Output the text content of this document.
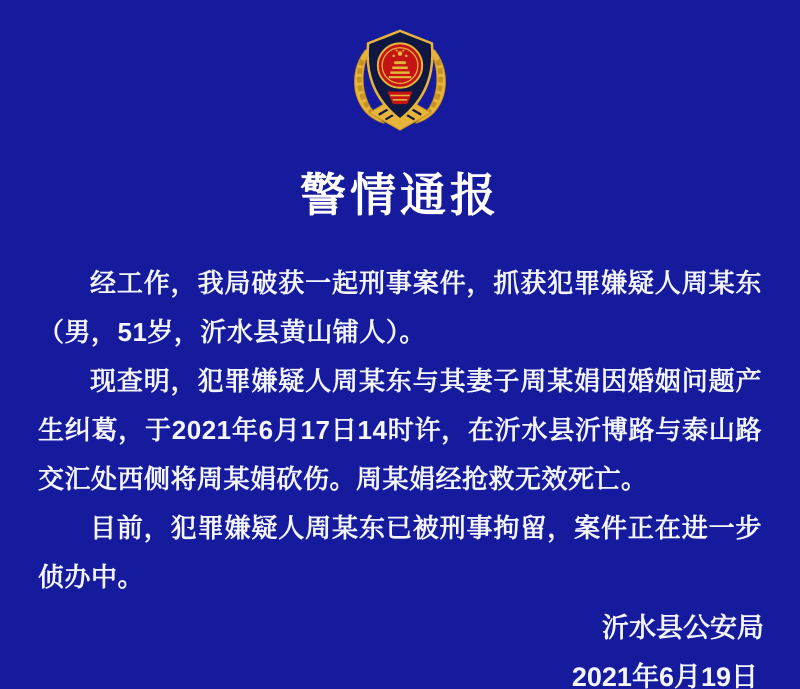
警情通报

经工作，我局破获一起刑事案件，抓获犯罪嫌疑人周某东（男，51岁，沂水县黄山铺人）。

现查明，犯罪嫌疑人周某东与其妻子周某娟因婚姻问题产生纠葛，于2021年6月17日14时许，在沂水县沂博路与泰山路交汇处西侧将周某娟砍伤。周某娟经抢救无效死亡。

目前，犯罪嫌疑人周某东已被刑事拘留，案件正在进一步侦办中。

沂水县公安局
2021年6月19日
